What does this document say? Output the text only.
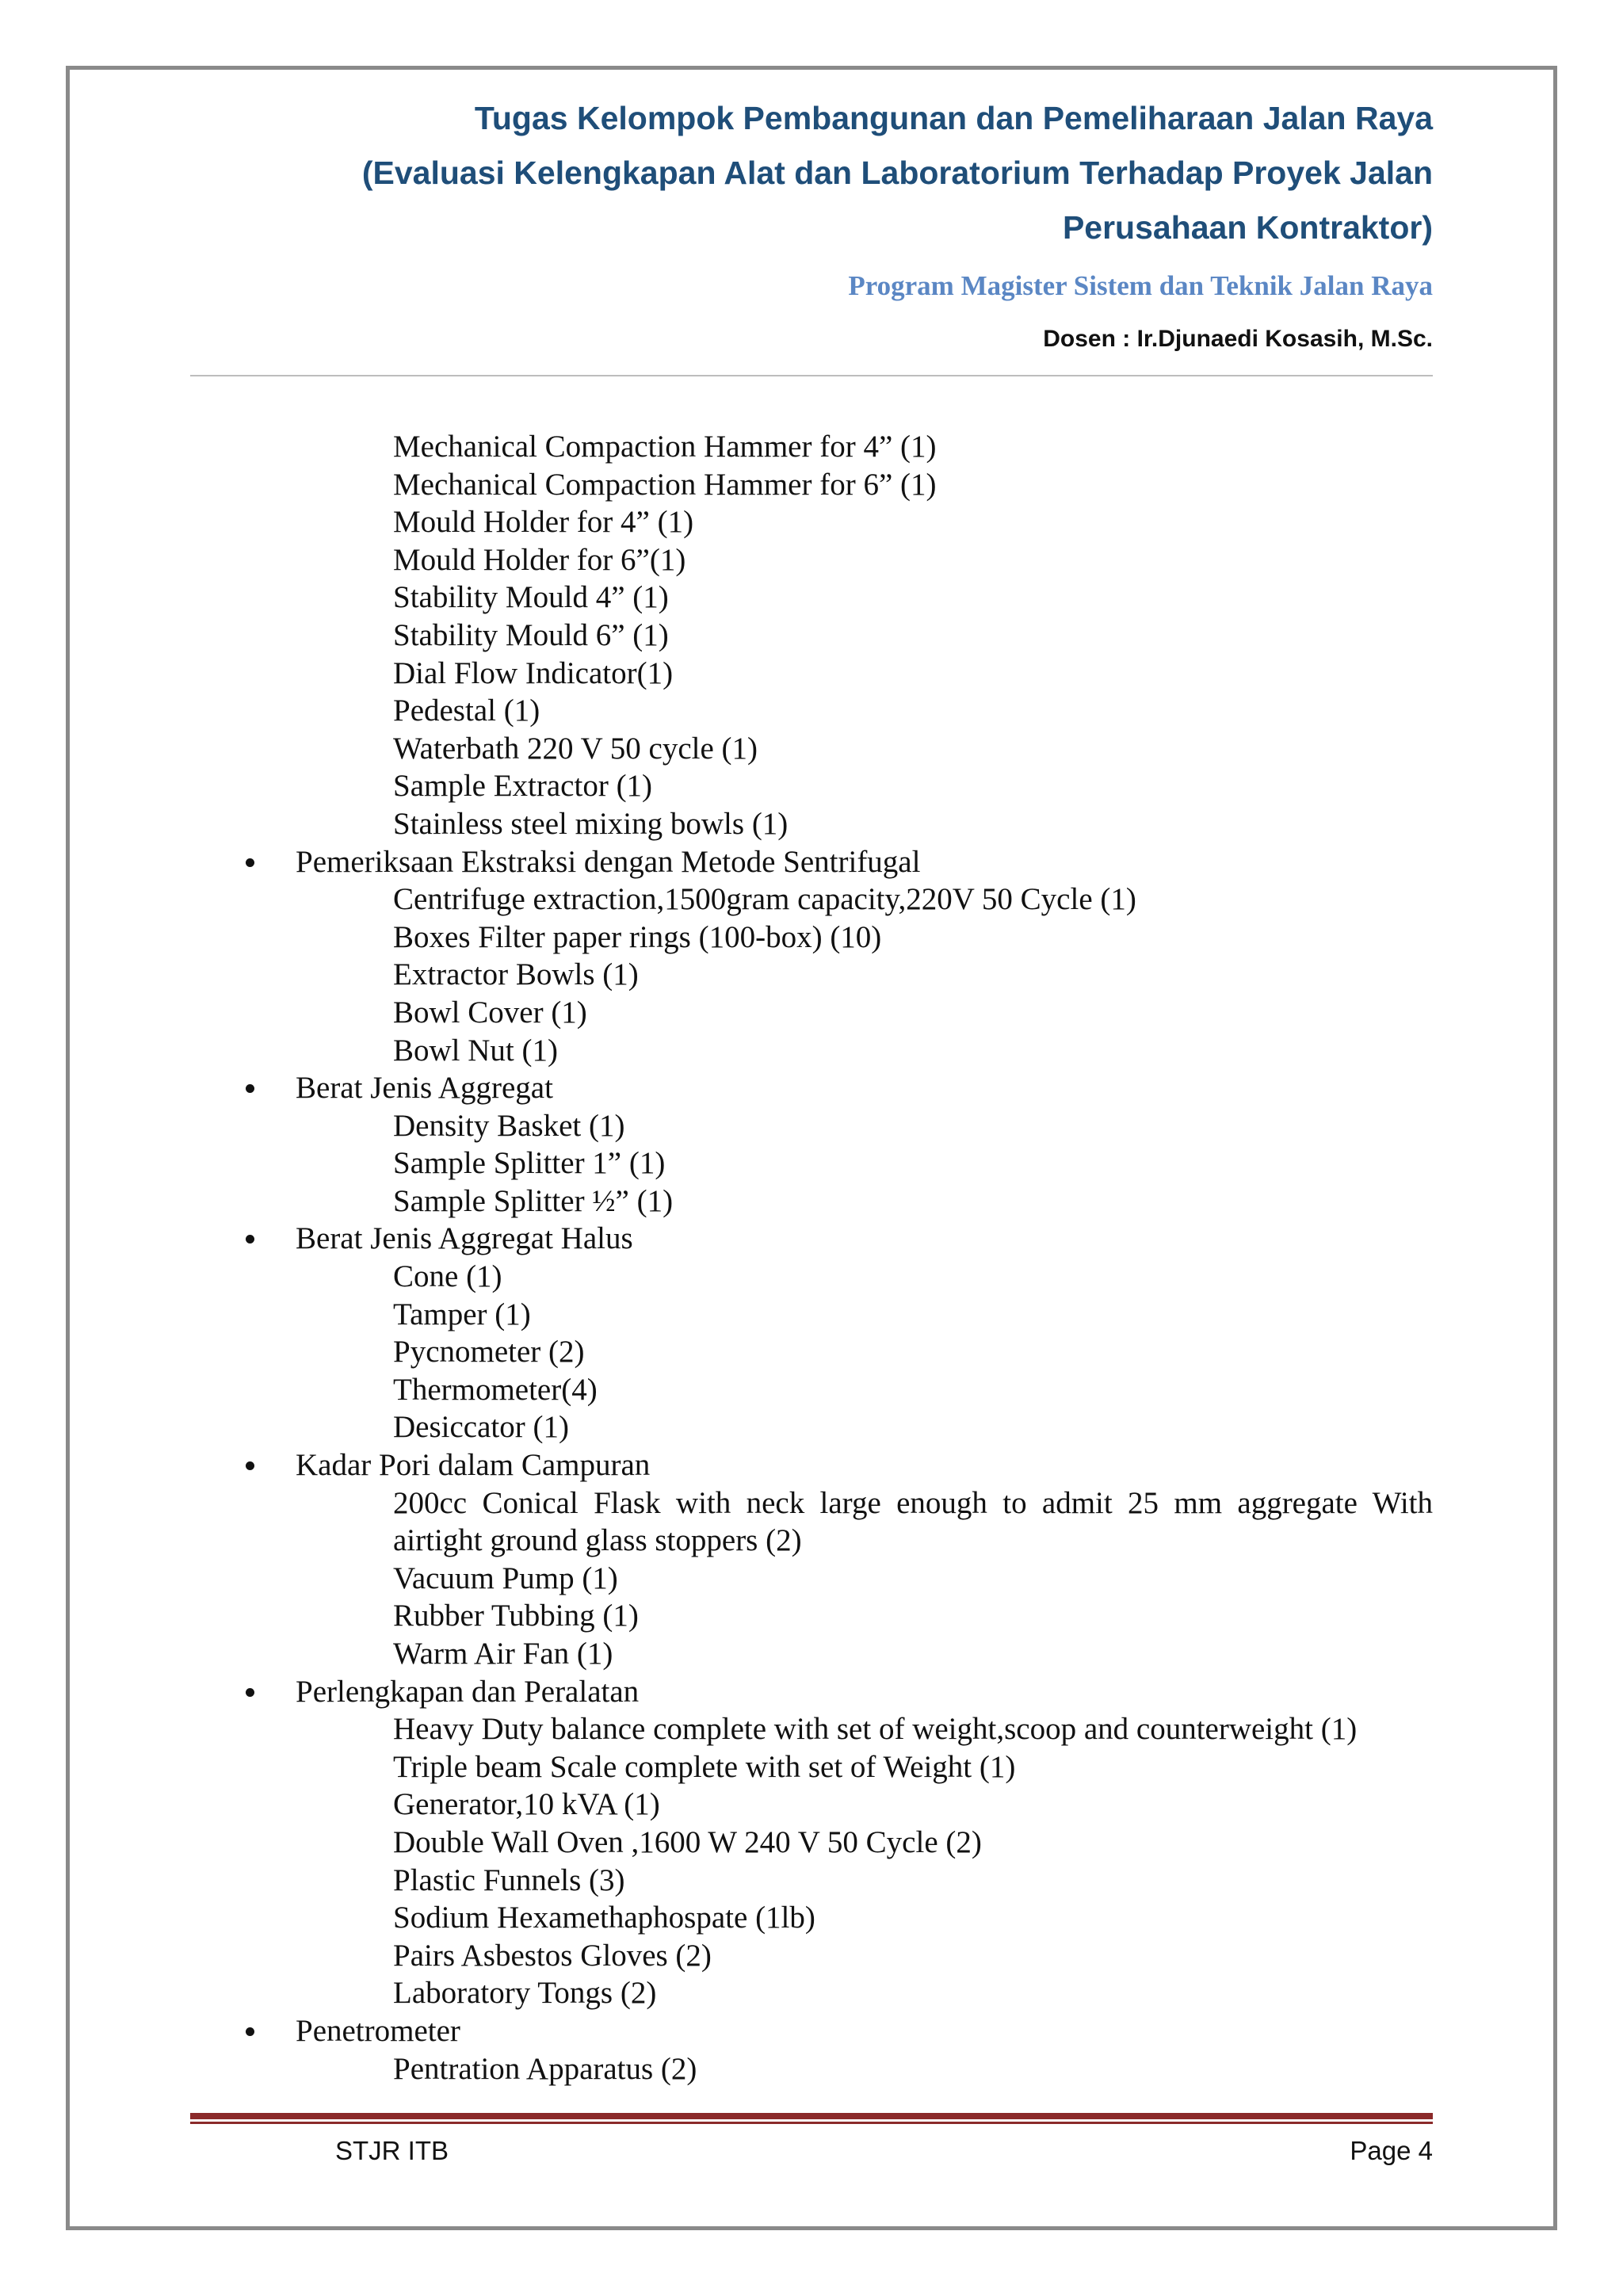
Tugas Kelompok Pembangunan dan Pemeliharaan Jalan Raya
(Evaluasi Kelengkapan Alat dan Laboratorium Terhadap Proyek Jalan
Perusahaan Kontraktor)
Program Magister Sistem dan Teknik Jalan Raya
Dosen : Ir.Djunaedi Kosasih, M.Sc.
Mechanical Compaction Hammer for 4” (1)
Mechanical Compaction Hammer for 6” (1)
Mould Holder for 4” (1)
Mould Holder for 6”(1)
Stability Mould 4” (1)
Stability Mould 6” (1)
Dial Flow Indicator(1)
Pedestal (1)
Waterbath 220 V 50 cycle (1)
Sample Extractor (1)
Stainless steel mixing bowls (1)
Pemeriksaan Ekstraksi dengan Metode Sentrifugal
Centrifuge extraction,1500gram capacity,220V 50 Cycle (1)
Boxes Filter paper rings (100-box) (10)
Extractor Bowls (1)
Bowl Cover (1)
Bowl Nut (1)
Berat Jenis Aggregat
Density Basket (1)
Sample Splitter 1” (1)
Sample Splitter ½” (1)
Berat Jenis Aggregat Halus
Cone (1)
Tamper (1)
Pycnometer (2)
Thermometer(4)
Desiccator (1)
Kadar Pori dalam Campuran
200cc Conical Flask with neck large enough to admit 25 mm aggregate With airtight ground glass stoppers (2)
Vacuum Pump (1)
Rubber Tubbing (1)
Warm Air Fan (1)
Perlengkapan dan Peralatan
Heavy Duty balance complete with set of weight,scoop and counterweight (1)
Triple beam Scale complete with set of Weight (1)
Generator,10 kVA (1)
Double Wall Oven ,1600 W 240 V 50 Cycle (2)
Plastic Funnels (3)
Sodium Hexamethaphospate (1lb)
Pairs Asbestos Gloves (2)
Laboratory Tongs (2)
Penetrometer
Pentration Apparatus (2)
STJR ITB	Page 4
